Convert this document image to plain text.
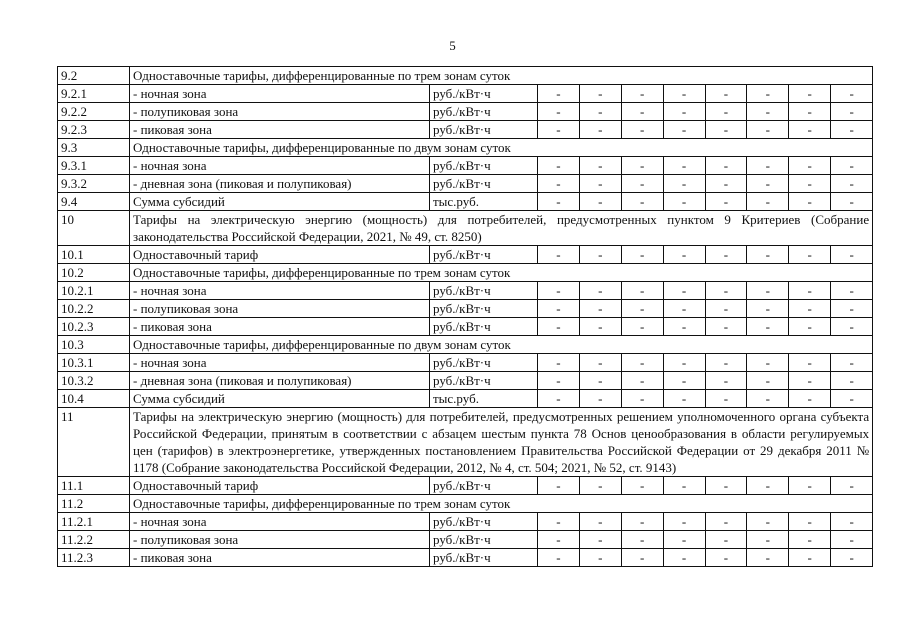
5
9.2	Одноставочные тарифы, дифференцированные по трем зонам суток									
9.2.1	- ночная зона	руб./кВт·ч	-	-	-	-	-	-	-	-
9.2.2	- полупиковая зона	руб./кВт·ч	-	-	-	-	-	-	-	-
9.2.3	- пиковая зона	руб./кВт·ч	-	-	-	-	-	-	-	-
9.3	Одноставочные тарифы, дифференцированные по двум зонам суток									
9.3.1	- ночная зона	руб./кВт·ч	-	-	-	-	-	-	-	-
9.3.2	- дневная зона (пиковая и полупиковая)	руб./кВт·ч	-	-	-	-	-	-	-	-
9.4	Сумма субсидий	тыс.руб.	-	-	-	-	-	-	-	-
10	Тарифы на электрическую энергию (мощность) для потребителей, предусмотренных пунктом 9 Критериев (Собрание законодательства Российской Федерации, 2021, № 49, ст. 8250)									
10.1	Одноставочный тариф	руб./кВт·ч	-	-	-	-	-	-	-	-
10.2	Одноставочные тарифы, дифференцированные по трем зонам суток									
10.2.1	- ночная зона	руб./кВт·ч	-	-	-	-	-	-	-	-
10.2.2	- полупиковая зона	руб./кВт·ч	-	-	-	-	-	-	-	-
10.2.3	- пиковая зона	руб./кВт·ч	-	-	-	-	-	-	-	-
10.3	Одноставочные тарифы, дифференцированные по двум зонам суток									
10.3.1	- ночная зона	руб./кВт·ч	-	-	-	-	-	-	-	-
10.3.2	- дневная зона (пиковая и полупиковая)	руб./кВт·ч	-	-	-	-	-	-	-	-
10.4	Сумма субсидий	тыс.руб.	-	-	-	-	-	-	-	-
11	Тарифы на электрическую энергию (мощность) для потребителей, предусмотренных решением уполномоченного органа субъекта Российской Федерации, принятым в соответствии с абзацем шестым пункта 78 Основ ценообразования в области регулируемых цен (тарифов) в электроэнергетике, утвержденных постановлением Правительства Российской Федерации от 29 декабря 2011 № 1178 (Собрание законодательства Российской Федерации, 2012, № 4, ст. 504; 2021, № 52, ст. 9143)									
11.1	Одноставочный тариф	руб./кВт·ч	-	-	-	-	-	-	-	-
11.2	Одноставочные тарифы, дифференцированные по трем зонам суток									
11.2.1	- ночная зона	руб./кВт·ч	-	-	-	-	-	-	-	-
11.2.2	- полупиковая зона	руб./кВт·ч	-	-	-	-	-	-	-	-
11.2.3	- пиковая зона	руб./кВт·ч	-	-	-	-	-	-	-	-
